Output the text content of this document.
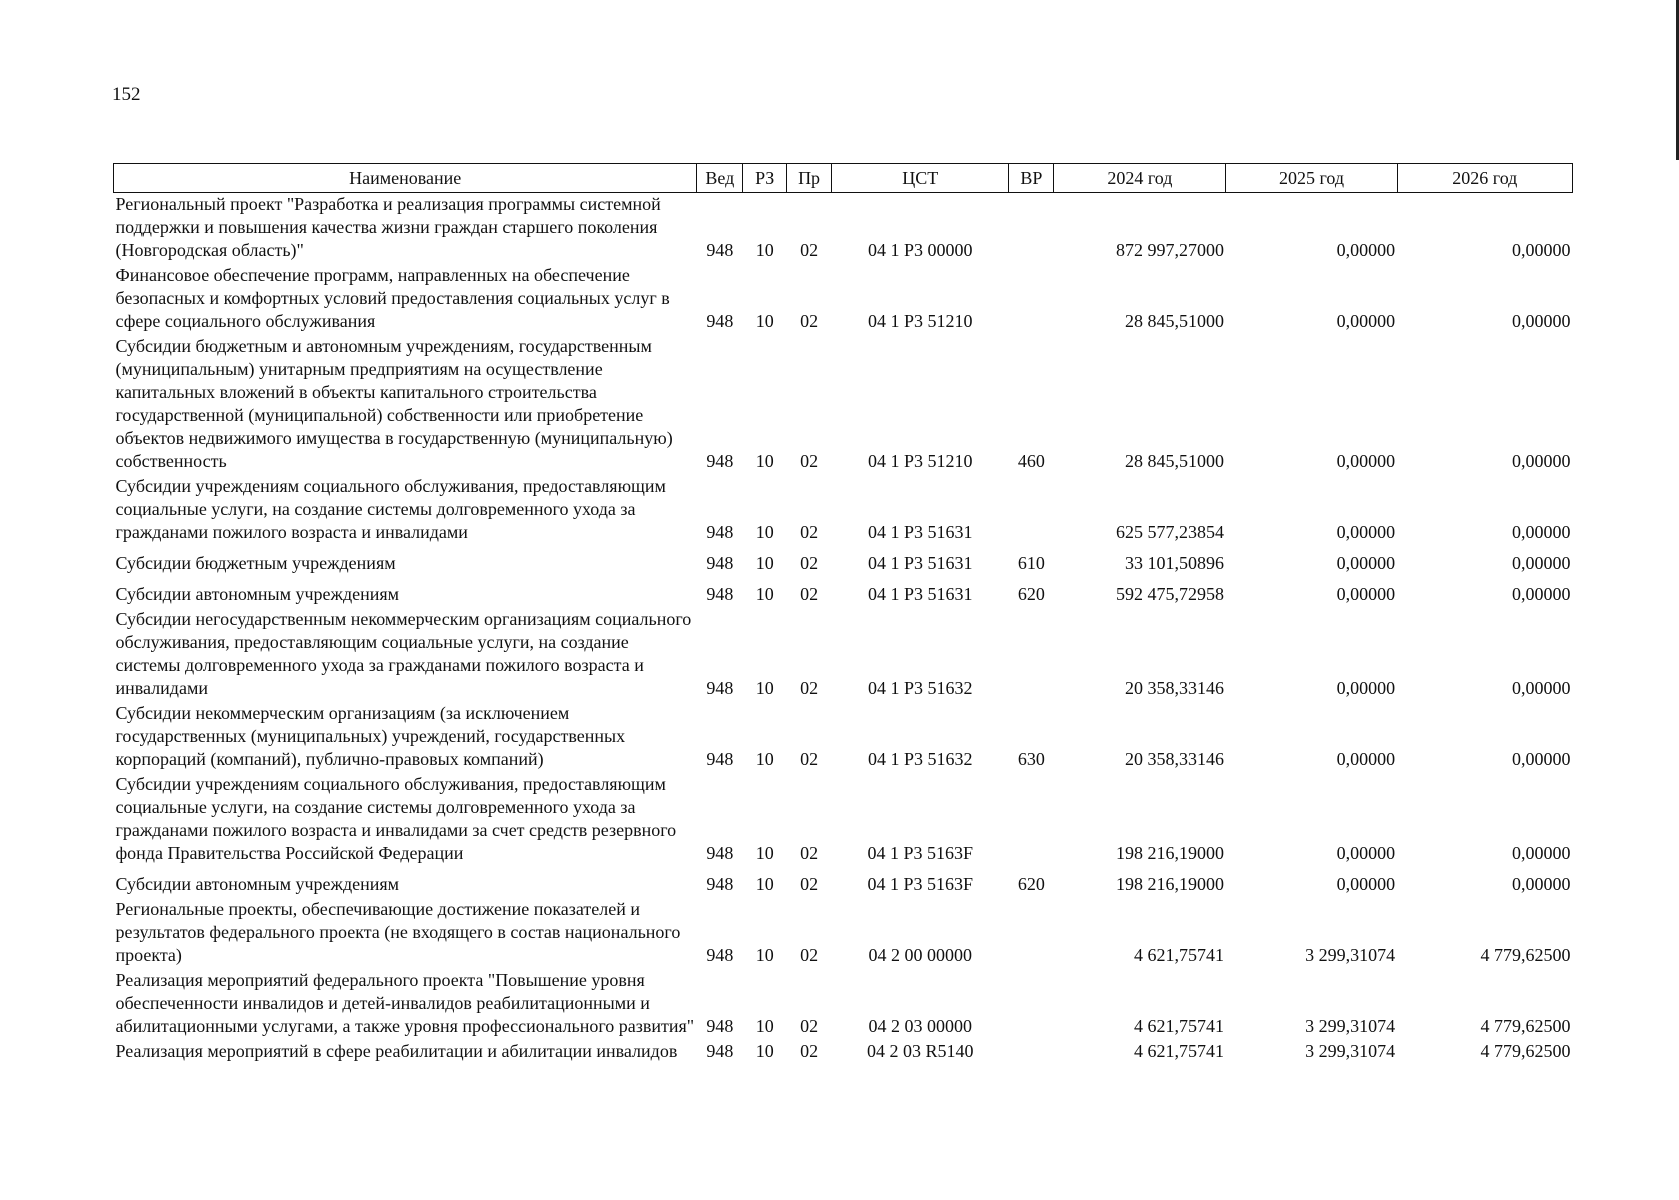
152
Наименование	Вед	РЗ	Пр	ЦСТ	ВР	2024 год	2025 год	2026 год
Региональный проект "Разработка и реализация программы системной поддержки и повышения качества жизни граждан старшего поколения (Новгородская область)"	948	10	02	04 1 P3 00000		872 997,27000	0,00000	0,00000
Финансовое обеспечение программ, направленных на обеспечение безопасных и комфортных условий предоставления социальных услуг в сфере социального обслуживания	948	10	02	04 1 P3 51210		28 845,51000	0,00000	0,00000
Субсидии бюджетным и автономным учреждениям, государственным (муниципальным) унитарным предприятиям на осуществление капитальных вложений в объекты капитального строительства государственной (муниципальной) собственности или приобретение объектов недвижимого имущества в государственную (муниципальную) собственность	948	10	02	04 1 P3 51210	460	28 845,51000	0,00000	0,00000
Субсидии учреждениям социального обслуживания, предоставляющим социальные услуги, на создание системы долговременного ухода за гражданами пожилого возраста и инвалидами	948	10	02	04 1 P3 51631		625 577,23854	0,00000	0,00000
Субсидии бюджетным учреждениям	948	10	02	04 1 P3 51631	610	33 101,50896	0,00000	0,00000
Субсидии автономным учреждениям	948	10	02	04 1 P3 51631	620	592 475,72958	0,00000	0,00000
Субсидии негосударственным некоммерческим организациям социального обслуживания, предоставляющим социальные услуги, на создание системы долговременного ухода за гражданами пожилого возраста и инвалидами	948	10	02	04 1 P3 51632		20 358,33146	0,00000	0,00000
Субсидии некоммерческим организациям (за исключением государственных (муниципальных) учреждений, государственных корпораций (компаний), публично-правовых компаний)	948	10	02	04 1 P3 51632	630	20 358,33146	0,00000	0,00000
Субсидии учреждениям социального обслуживания, предоставляющим социальные услуги, на создание системы долговременного ухода за гражданами пожилого возраста и инвалидами за счет средств резервного фонда Правительства Российской Федерации	948	10	02	04 1 P3 5163F		198 216,19000	0,00000	0,00000
Субсидии автономным учреждениям	948	10	02	04 1 P3 5163F	620	198 216,19000	0,00000	0,00000
Региональные проекты, обеспечивающие достижение показателей и результатов федерального проекта (не входящего в состав национального проекта)	948	10	02	04 2 00 00000		4 621,75741	3 299,31074	4 779,62500
Реализация мероприятий федерального проекта "Повышение уровня обеспеченности инвалидов и детей-инвалидов реабилитационными и абилитационными услугами, а также уровня профессионального развития"	948	10	02	04 2 03 00000		4 621,75741	3 299,31074	4 779,62500
Реализация мероприятий в сфере реабилитации и абилитации инвалидов	948	10	02	04 2 03 R5140		4 621,75741	3 299,31074	4 779,62500
